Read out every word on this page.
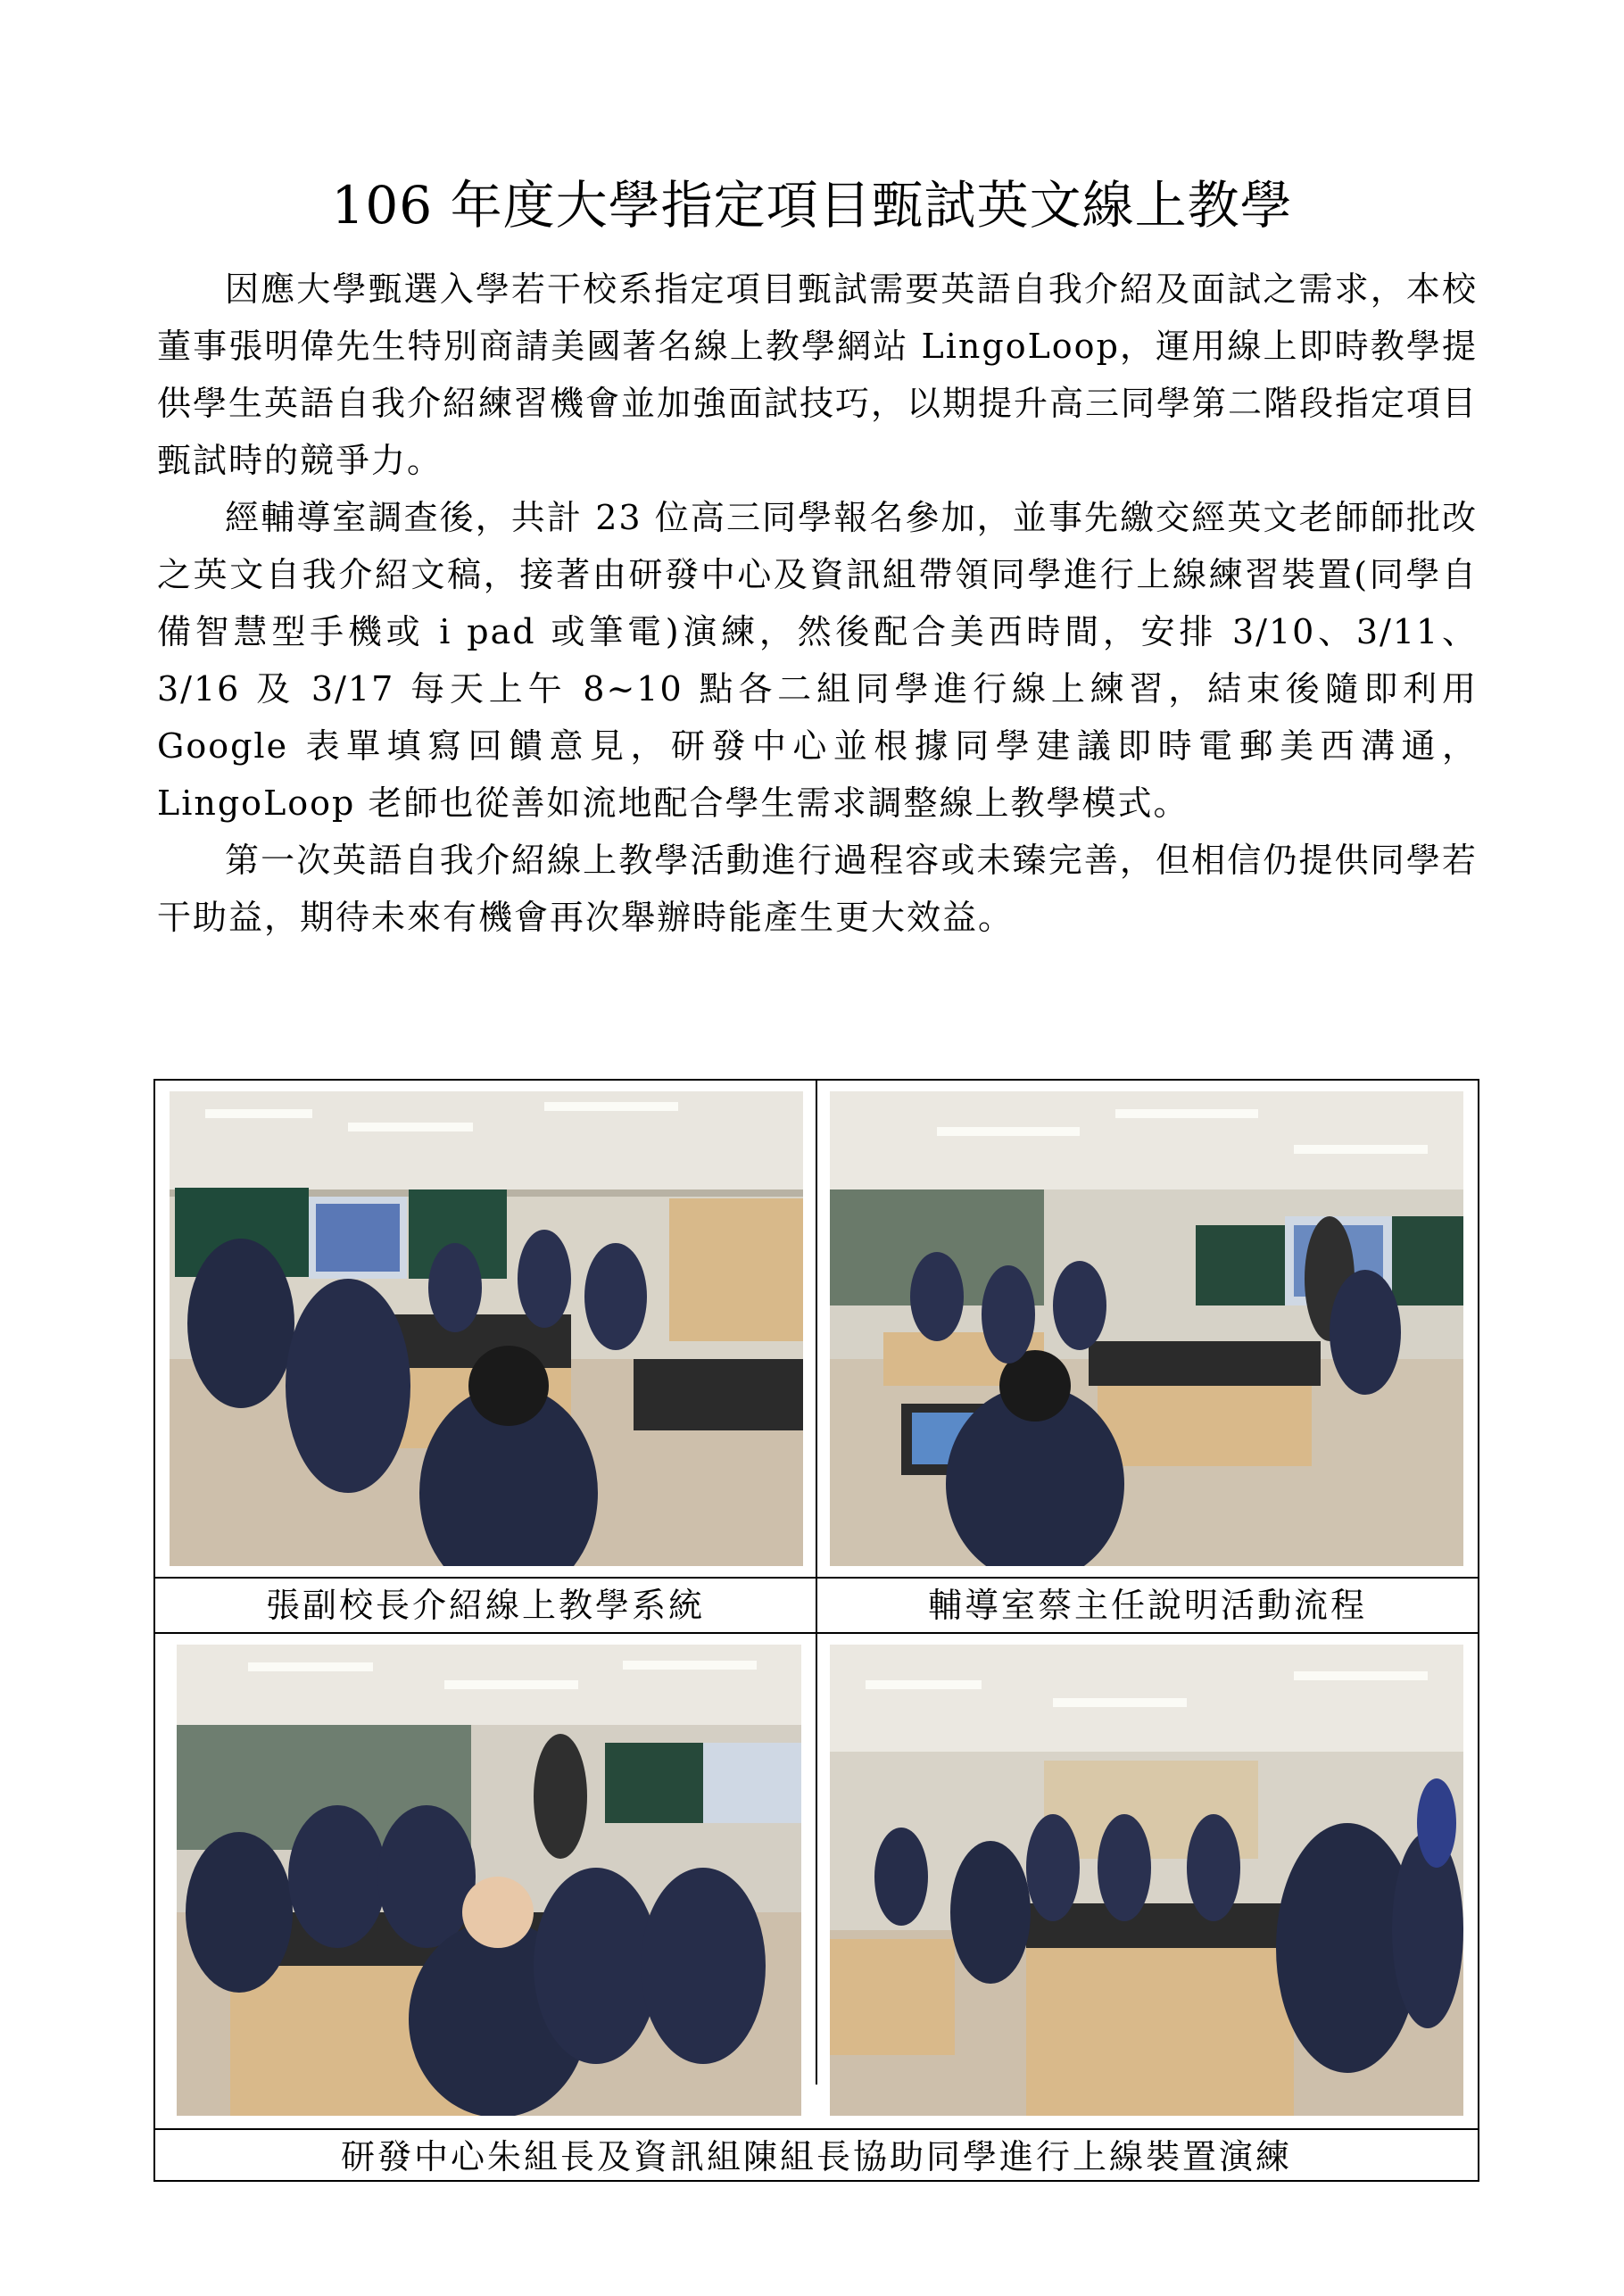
106 年度大學指定項目甄試英文線上教學

因應大學甄選入學若干校系指定項目甄試需要英語自我介紹及面試之需求，本校董事張明偉先生特別商請美國著名線上教學網站 LingoLoop，運用線上即時教學提供學生英語自我介紹練習機會並加強面試技巧，以期提升高三同學第二階段指定項目甄試時的競爭力。

經輔導室調查後，共計 23 位高三同學報名參加，並事先繳交經英文老師師批改之英文自我介紹文稿，接著由研發中心及資訊組帶領同學進行上線練習裝置(同學自備智慧型手機或 i pad 或筆電)演練，然後配合美西時間，安排 3/10、3/11、3/16 及 3/17 每天上午 8~10 點各二組同學進行線上練習，結束後隨即利用 Google 表單填寫回饋意見，研發中心並根據同學建議即時電郵美西溝通，LingoLoop 老師也從善如流地配合學生需求調整線上教學模式。

第一次英語自我介紹線上教學活動進行過程容或未臻完善，但相信仍提供同學若干助益，期待未來有機會再次舉辦時能產生更大效益。

張副校長介紹線上教學系統	輔導室蔡主任說明活動流程
研發中心朱組長及資訊組陳組長協助同學進行上線裝置演練
